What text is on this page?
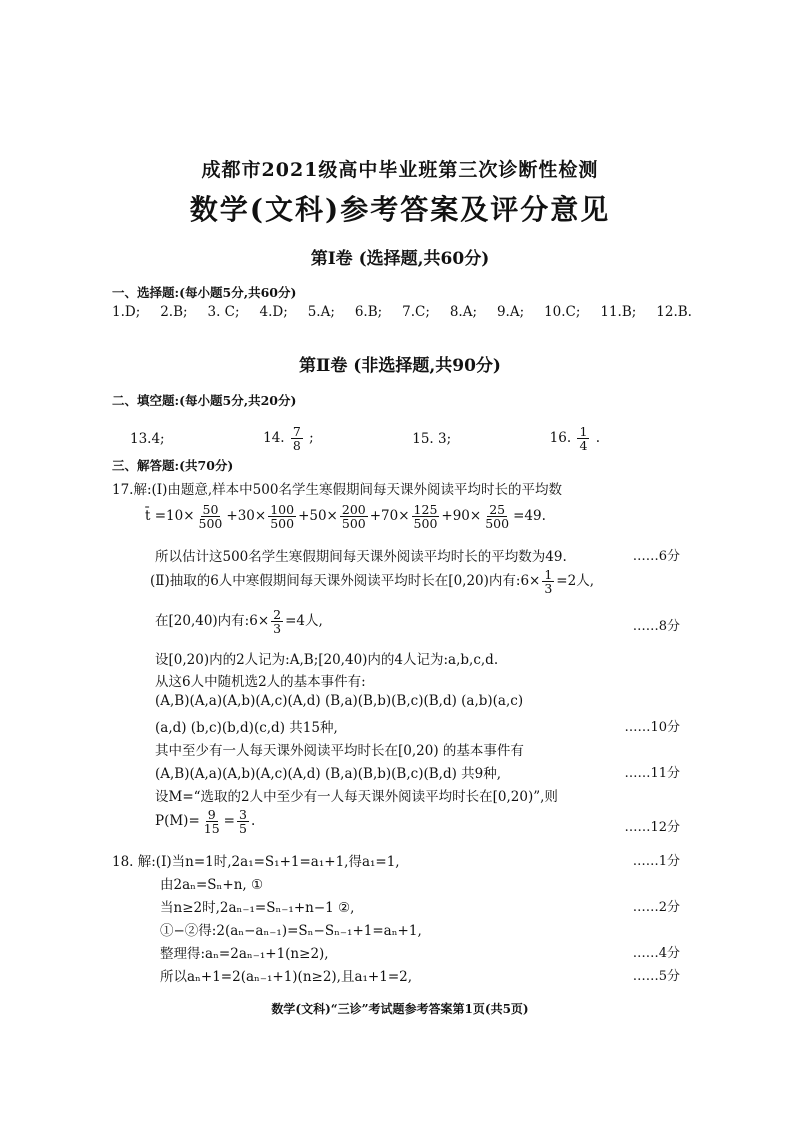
成都市2021级高中毕业班第三次诊断性检测
数学(文科)参考答案及评分意见
第Ⅰ卷 (选择题,共60分)
一、选择题:(每小题5分,共60分)
1.D; 2.B; 3. C; 4.D; 5.A; 6.B; 7.C; 8.A; 9.A; 10.C; 11.B; 12.B.
第Ⅱ卷 (非选择题,共90分)
二、填空题:(每小题5分,共20分)
13.4;	14. $\frac{7}{8}$ ;	15. 3;	16. $\frac{1}{4}$ .
三、解答题:(共70分)
17.解:(Ⅰ)由题意,样本中500名学生寒假期间每天课外阅读平均时长的平均数
t̄ $=10\times \frac{50}{500} +30\times \frac{100}{500} +50\times \frac{200}{500} +70\times \frac{125}{500} +90\times \frac{25}{500} =49$.
所以估计这500名学生寒假期间每天课外阅读平均时长的平均数为49.	……6分
(Ⅱ)抽取的6人中寒假期间每天课外阅读平均时长在[0,20)内有:6× $\frac{1}{3} =2$人,
在[20,40)内有:6× $\frac{2}{3} =4$人,	……8分
设[0,20)内的2人记为:A,B;[20,40)内的4人记为:a,b,c,d.
从这6人中随机选2人的基本事件有:
(A,B)(A,a)(A,b)(A,c)(A,d) (B,a)(B,b)(B,c)(B,d) (a,b)(a,c)
(a,d) (b,c)(b,d)(c,d) 共15种,	……10分
其中至少有一人每天课外阅读平均时长在[0,20) 的基本事件有
(A,B)(A,a)(A,b)(A,c)(A,d) (B,a)(B,b)(B,c)(B,d) 共9种,	……11分
设M=“选取的2人中至少有一人每天课外阅读平均时长在[0,20)”,则
$P(M)= \frac{9}{15} = \frac{3}{5}$ .	……12分
18. 解:(Ⅰ)当n=1时,2a₁=S₁+1=a₁+1,得a₁=1,	……1分
由2aₙ=Sₙ+n, ①
当n≥2时,2aₙ₋₁=Sₙ₋₁+n−1 ②,	……2分
①−②得:2(aₙ−aₙ₋₁)=Sₙ−Sₙ₋₁+1=aₙ+1,
整理得:aₙ=2aₙ₋₁+1(n≥2),	……4分
所以aₙ+1=2(aₙ₋₁+1)(n≥2),且a₁+1=2,	……5分
数学(文科)“三诊”考试题参考答案第1页(共5页)
